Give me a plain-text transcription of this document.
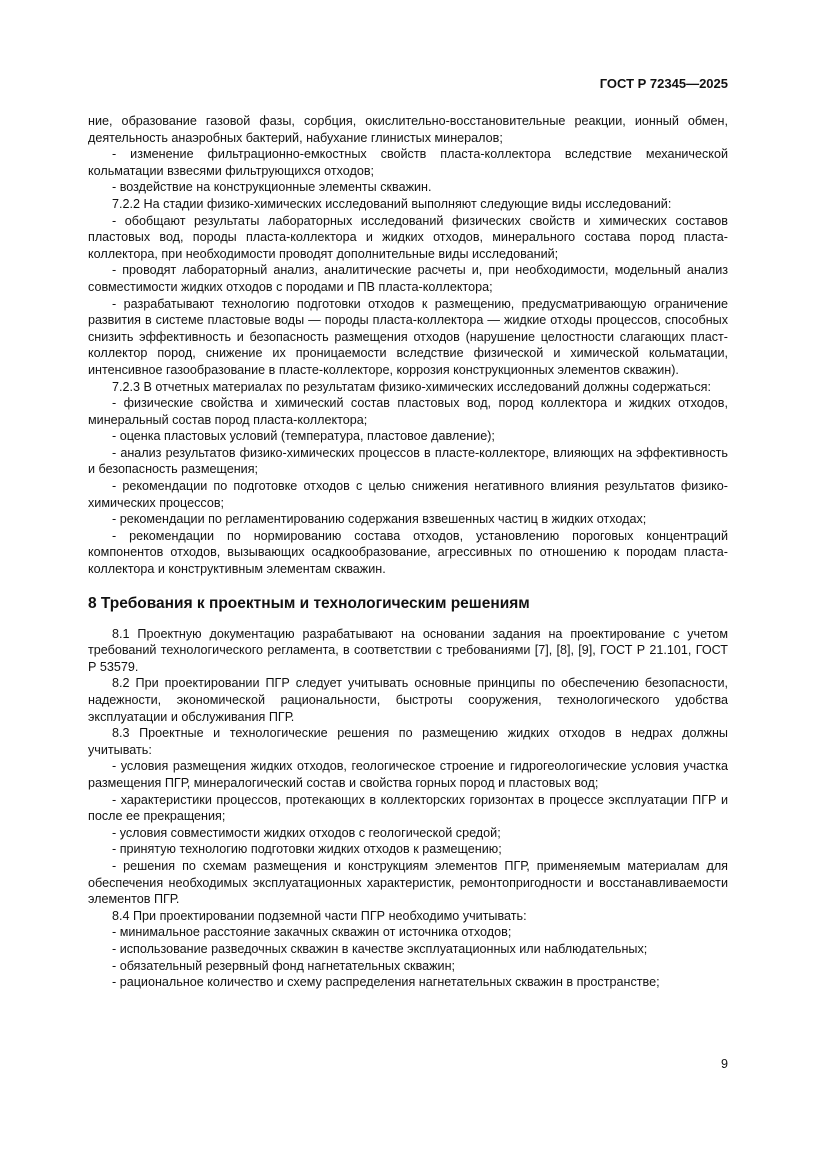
ГОСТ Р 72345—2025

ние, образование газовой фазы, сорбция, окислительно-восстановительные реакции, ионный обмен, деятельность анаэробных бактерий, набухание глинистых минералов;

- изменение фильтрационно-емкостных свойств пласта-коллектора вследствие механической кольматации взвесями фильтрующихся отходов;

- воздействие на конструкционные элементы скважин.

7.2.2 На стадии физико-химических исследований выполняют следующие виды исследований:

- обобщают результаты лабораторных исследований физических свойств и химических составов пластовых вод, породы пласта-коллектора и жидких отходов, минерального состава пород пласта-коллектора, при необходимости проводят дополнительные виды исследований;

- проводят лабораторный анализ, аналитические расчеты и, при необходимости, модельный анализ совместимости жидких отходов с породами и ПВ пласта-коллектора;

- разрабатывают технологию подготовки отходов к размещению, предусматривающую ограничение развития в системе пластовые воды — породы пласта-коллектора — жидкие отходы процессов, способных снизить эффективность и безопасность размещения отходов (нарушение целостности слагающих пласт-коллектор пород, снижение их проницаемости вследствие физической и химической кольматации, интенсивное газообразование в пласте-коллекторе, коррозия конструкционных элементов скважин).

7.2.3 В отчетных материалах по результатам физико-химических исследований должны содержаться:

- физические свойства и химический состав пластовых вод, пород коллектора и жидких отходов, минеральный состав пород пласта-коллектора;

- оценка пластовых условий (температура, пластовое давление);

- анализ результатов физико-химических процессов в пласте-коллекторе, влияющих на эффективность и безопасность размещения;

- рекомендации по подготовке отходов с целью снижения негативного влияния результатов физико-химических процессов;

- рекомендации по регламентированию содержания взвешенных частиц в жидких отходах;

- рекомендации по нормированию состава отходов, установлению пороговых концентраций компонентов отходов, вызывающих осадкообразование, агрессивных по отношению к породам пласта-коллектора и конструктивным элементам скважин.

8 Требования к проектным и технологическим решениям

8.1 Проектную документацию разрабатывают на основании задания на проектирование с учетом требований технологического регламента, в соответствии с требованиями [7], [8], [9], ГОСТ Р 21.101, ГОСТ Р 53579.

8.2 При проектировании ПГР следует учитывать основные принципы по обеспечению безопасности, надежности, экономической рациональности, быстроты сооружения, технологического удобства эксплуатации и обслуживания ПГР.

8.3 Проектные и технологические решения по размещению жидких отходов в недрах должны учитывать:

- условия размещения жидких отходов, геологическое строение и гидрогеологические условия участка размещения ПГР, минералогический состав и свойства горных пород и пластовых вод;

- характеристики процессов, протекающих в коллекторских горизонтах в процессе эксплуатации ПГР и после ее прекращения;

- условия совместимости жидких отходов с геологической средой;

- принятую технологию подготовки жидких отходов к размещению;

- решения по схемам размещения и конструкциям элементов ПГР, применяемым материалам для обеспечения необходимых эксплуатационных характеристик, ремонтопригодности и восстанавливаемости элементов ПГР.

8.4 При проектировании подземной части ПГР необходимо учитывать:

- минимальное расстояние закачных скважин от источника отходов;

- использование разведочных скважин в качестве эксплуатационных или наблюдательных;

- обязательный резервный фонд нагнетательных скважин;

- рациональное количество и схему распределения нагнетательных скважин в пространстве;

9
